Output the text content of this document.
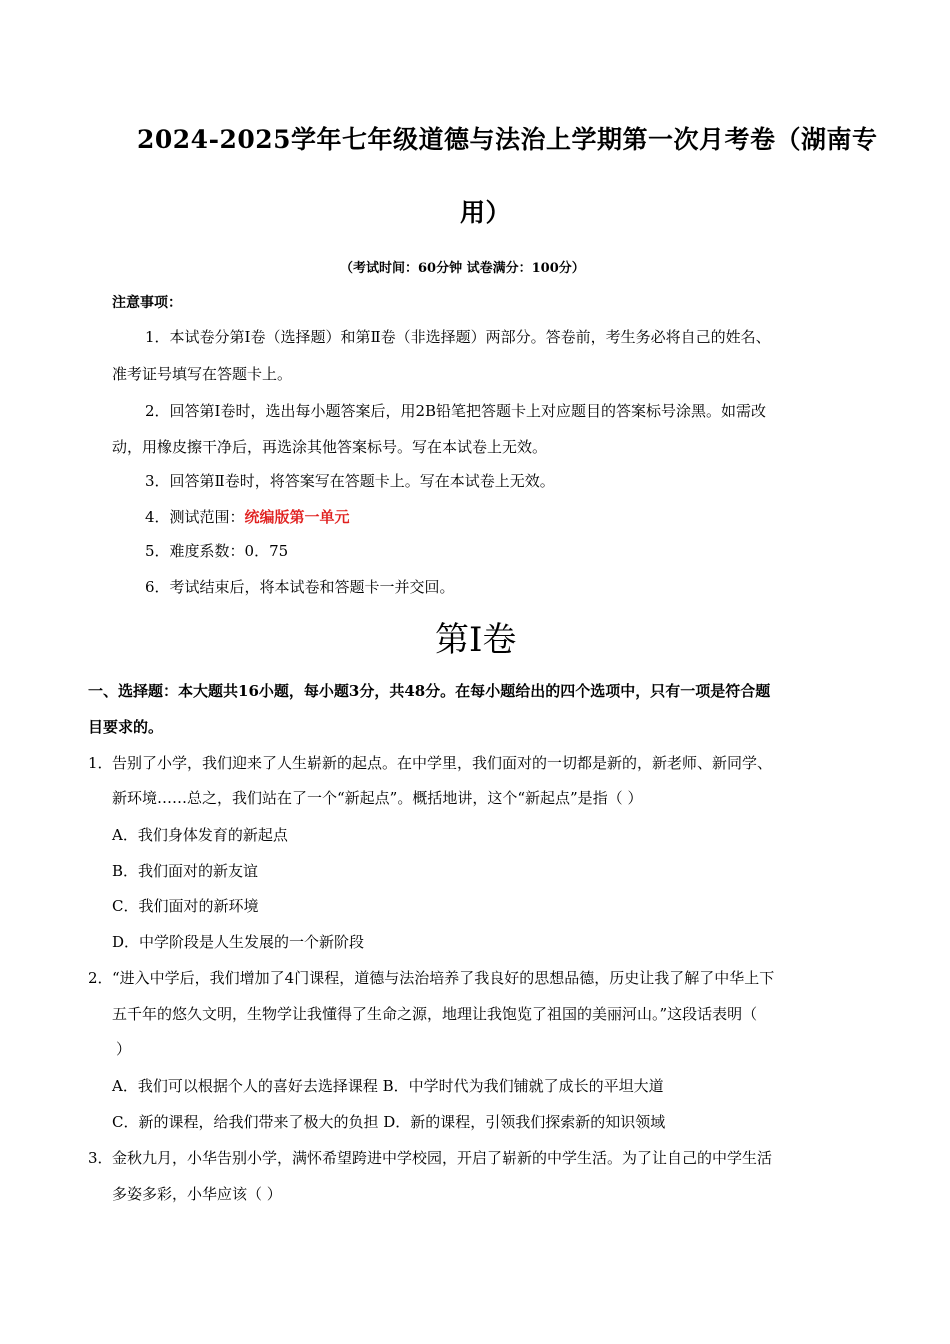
2024-2025学年七年级道德与法治上学期第一次月考卷（湖南专
用）
（考试时间：60分钟 试卷满分：100分）
注意事项：
1．本试卷分第Ⅰ卷（选择题）和第Ⅱ卷（非选择题）两部分。答卷前，考生务必将自己的姓名、
准考证号填写在答题卡上。
2．回答第Ⅰ卷时，选出每小题答案后，用2B铅笔把答题卡上对应题目的答案标号涂黑。如需改
动，用橡皮擦干净后，再选涂其他答案标号。写在本试卷上无效。
3．回答第Ⅱ卷时，将答案写在答题卡上。写在本试卷上无效。
4．测试范围：统编版第一单元
5．难度系数：0．75
6．考试结束后，将本试卷和答题卡一并交回。
第Ⅰ卷
一、选择题：本大题共16小题，每小题3分，共48分。在每小题给出的四个选项中，只有一项是符合题
目要求的。
1． 告别了小学，我们迎来了人生崭新的起点。在中学里，我们面对的一切都是新的，新老师、新同学、
新环境……总之，我们站在了一个“新起点”。概括地讲，这个“新起点”是指（ ）
A．我们身体发育的新起点
B．我们面对的新友谊
C．我们面对的新环境
D．中学阶段是人生发展的一个新阶段
2． “进入中学后，我们增加了4门课程，道德与法治培养了我良好的思想品德，历史让我了解了中华上下
五千年的悠久文明，生物学让我懂得了生命之源，地理让我饱览了祖国的美丽河山。”这段话表明（
）
A．我们可以根据个人的喜好去选择课程 B．中学时代为我们铺就了成长的平坦大道
C．新的课程，给我们带来了极大的负担 D．新的课程，引领我们探索新的知识领域
3． 金秋九月，小华告别小学，满怀希望跨进中学校园，开启了崭新的中学生活。为了让自己的中学生活
多姿多彩，小华应该（ ）
